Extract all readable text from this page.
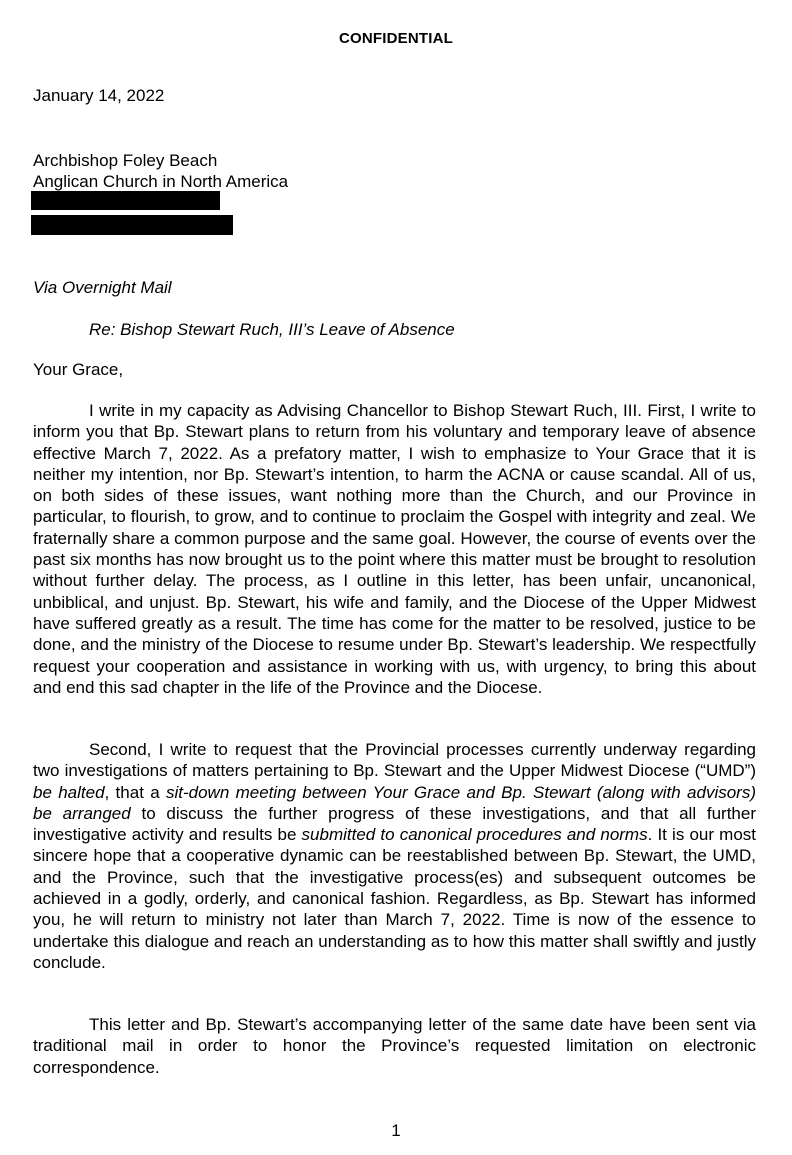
CONFIDENTIAL
January 14, 2022
Archbishop Foley Beach
Anglican Church in North America
Via Overnight Mail
Re: Bishop Stewart Ruch, III’s Leave of Absence
Your Grace,

I write in my capacity as Advising Chancellor to Bishop Stewart Ruch, III. First, I write to inform you that Bp. Stewart plans to return from his voluntary and temporary leave of absence effective March 7, 2022. As a prefatory matter, I wish to emphasize to Your Grace that it is neither my intention, nor Bp. Stewart’s intention, to harm the ACNA or cause scandal. All of us, on both sides of these issues, want nothing more than the Church, and our Province in particular, to flourish, to grow, and to continue to proclaim the Gospel with integrity and zeal. We fraternally share a common purpose and the same goal. However, the course of events over the past six months has now brought us to the point where this matter must be brought to resolution without further delay. The process, as I outline in this letter, has been unfair, uncanonical, unbiblical, and unjust. Bp. Stewart, his wife and family, and the Diocese of the Upper Midwest have suffered greatly as a result. The time has come for the matter to be resolved, justice to be done, and the ministry of the Diocese to resume under Bp. Stewart’s leadership. We respectfully request your cooperation and assistance in working with us, with urgency, to bring this about and end this sad chapter in the life of the Province and the Diocese.

Second, I write to request that the Provincial processes currently underway regarding two investigations of matters pertaining to Bp. Stewart and the Upper Midwest Diocese (“UMD”) be halted, that a sit-down meeting between Your Grace and Bp. Stewart (along with advisors) be arranged to discuss the further progress of these investigations, and that all further investigative activity and results be submitted to canonical procedures and norms. It is our most sincere hope that a cooperative dynamic can be reestablished between Bp. Stewart, the UMD, and the Province, such that the investigative process(es) and subsequent outcomes be achieved in a godly, orderly, and canonical fashion. Regardless, as Bp. Stewart has informed you, he will return to ministry not later than March 7, 2022. Time is now of the essence to undertake this dialogue and reach an understanding as to how this matter shall swiftly and justly conclude.

This letter and Bp. Stewart’s accompanying letter of the same date have been sent via traditional mail in order to honor the Province’s requested limitation on electronic correspondence.

1
